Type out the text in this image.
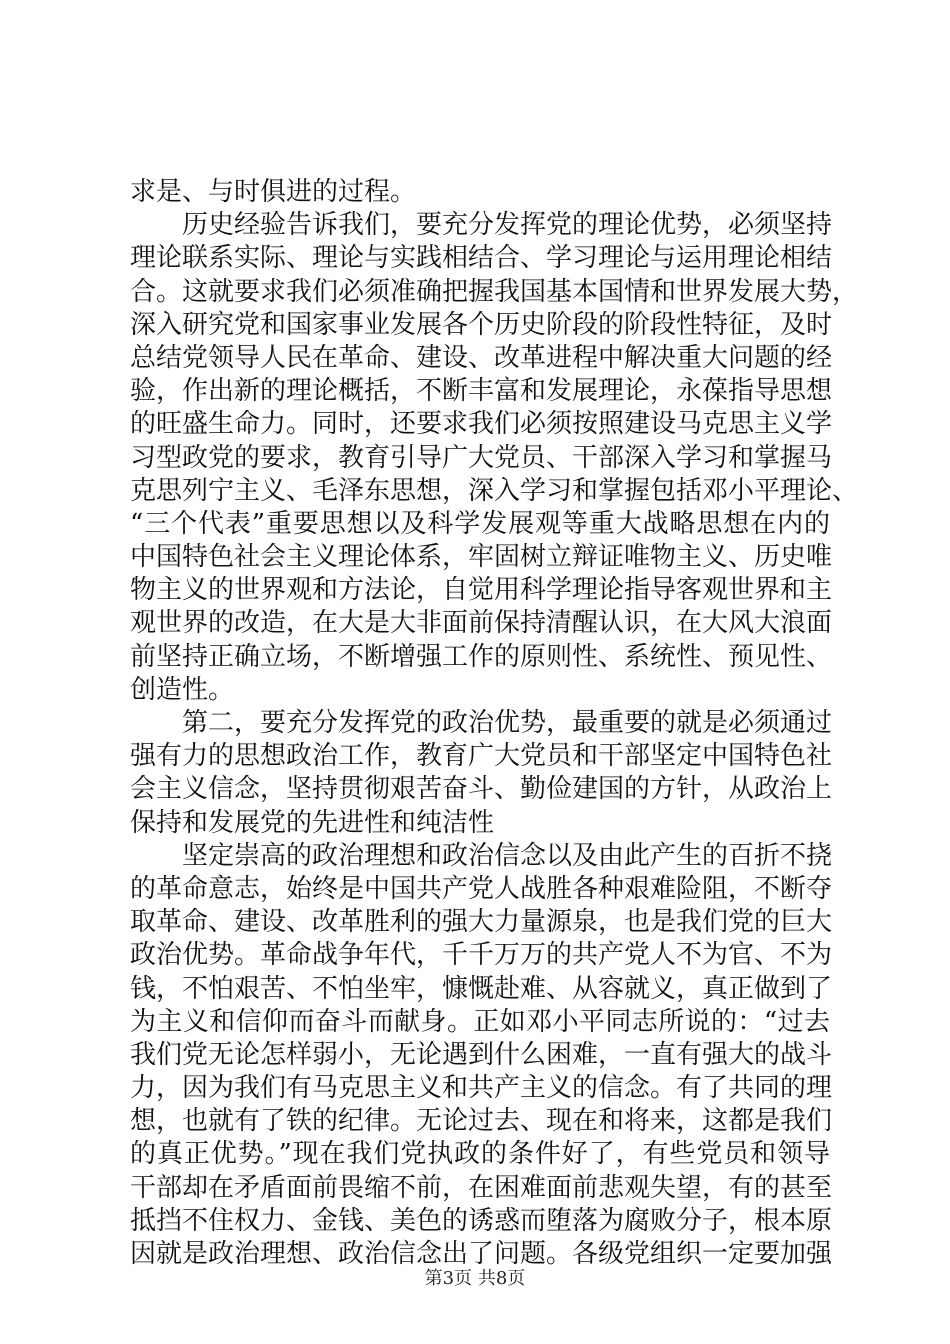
求是、与时俱进的过程。
　　历史经验告诉我们，要充分发挥党的理论优势，必须坚持
理论联系实际、理论与实践相结合、学习理论与运用理论相结
合。这就要求我们必须准确把握我国基本国情和世界发展大势，
深入研究党和国家事业发展各个历史阶段的阶段性特征，及时
总结党领导人民在革命、建设、改革进程中解决重大问题的经
验，作出新的理论概括，不断丰富和发展理论，永葆指导思想
的旺盛生命力。同时，还要求我们必须按照建设马克思主义学
习型政党的要求，教育引导广大党员、干部深入学习和掌握马
克思列宁主义、毛泽东思想，深入学习和掌握包括邓小平理论、
“三个代表”重要思想以及科学发展观等重大战略思想在内的
中国特色社会主义理论体系，牢固树立辩证唯物主义、历史唯
物主义的世界观和方法论，自觉用科学理论指导客观世界和主
观世界的改造，在大是大非面前保持清醒认识，在大风大浪面
前坚持正确立场，不断增强工作的原则性、系统性、预见性、
创造性。
　　第二，要充分发挥党的政治优势，最重要的就是必须通过
强有力的思想政治工作，教育广大党员和干部坚定中国特色社
会主义信念，坚持贯彻艰苦奋斗、勤俭建国的方针，从政治上
保持和发展党的先进性和纯洁性
　　坚定崇高的政治理想和政治信念以及由此产生的百折不挠
的革命意志，始终是中国共产党人战胜各种艰难险阻，不断夺
取革命、建设、改革胜利的强大力量源泉，也是我们党的巨大
政治优势。革命战争年代，千千万万的共产党人不为官、不为
钱，不怕艰苦、不怕坐牢，慷慨赴难、从容就义，真正做到了
为主义和信仰而奋斗而献身。正如邓小平同志所说的：“过去
我们党无论怎样弱小，无论遇到什么困难，一直有强大的战斗
力，因为我们有马克思主义和共产主义的信念。有了共同的理
想，也就有了铁的纪律。无论过去、现在和将来，这都是我们
的真正优势。”现在我们党执政的条件好了，有些党员和领导
干部却在矛盾面前畏缩不前，在困难面前悲观失望，有的甚至
抵挡不住权力、金钱、美色的诱惑而堕落为腐败分子，根本原
因就是政治理想、政治信念出了问题。各级党组织一定要加强
第3页 共8页
